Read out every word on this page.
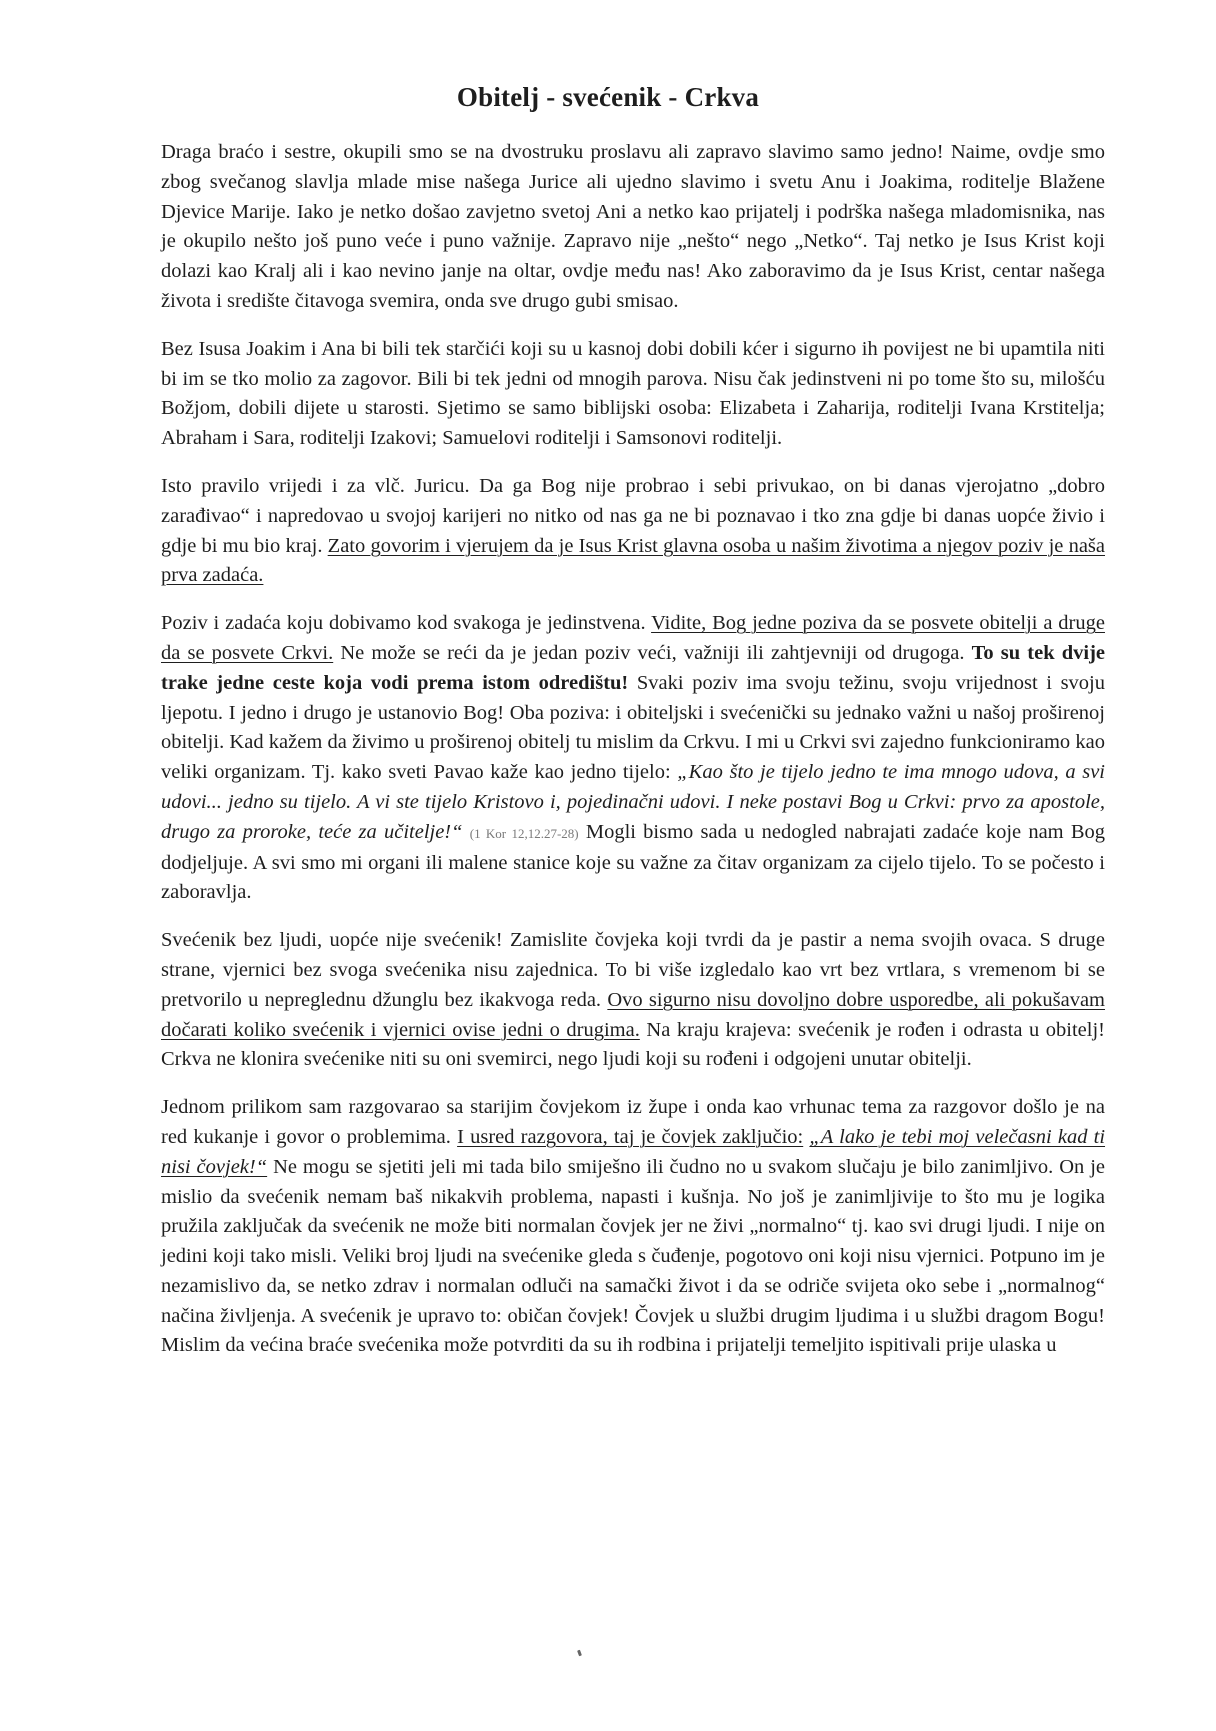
Obitelj - svećenik - Crkva

Draga braćo i sestre, okupili smo se na dvostruku proslavu ali zapravo slavimo samo jedno! Naime, ovdje smo zbog svečanog slavlja mlade mise našega Jurice ali ujedno slavimo i svetu Anu i Joakima, roditelje Blažene Djevice Marije. Iako je netko došao zavjetno svetoj Ani a netko kao prijatelj i podrška našega mladomisnika, nas je okupilo nešto još puno veće i puno važnije. Zapravo nije „nešto“ nego „Netko“. Taj netko je Isus Krist koji dolazi kao Kralj ali i kao nevino janje na oltar, ovdje među nas! Ako zaboravimo da je Isus Krist, centar našega života i središte čitavoga svemira, onda sve drugo gubi smisao.

Bez Isusa Joakim i Ana bi bili tek starčići koji su u kasnoj dobi dobili kćer i sigurno ih povijest ne bi upamtila niti bi im se tko molio za zagovor. Bili bi tek jedni od mnogih parova. Nisu čak jedinstveni ni po tome što su, milošću Božjom, dobili dijete u starosti. Sjetimo se samo biblijski osoba: Elizabeta i Zaharija, roditelji Ivana Krstitelja; Abraham i Sara, roditelji Izakovi; Samuelovi roditelji i Samsonovi roditelji.

Isto pravilo vrijedi i za vlč. Juricu. Da ga Bog nije probrao i sebi privukao, on bi danas vjerojatno „dobro zarađivao“ i napredovao u svojoj karijeri no nitko od nas ga ne bi poznavao i tko zna gdje bi danas uopće živio i gdje bi mu bio kraj. Zato govorim i vjerujem da je Isus Krist glavna osoba u našim životima a njegov poziv je naša prva zadaća.

Poziv i zadaća koju dobivamo kod svakoga je jedinstvena. Vidite, Bog jedne poziva da se posvete obitelji a druge da se posvete Crkvi. Ne može se reći da je jedan poziv veći, važniji ili zahtjevniji od drugoga. To su tek dvije trake jedne ceste koja vodi prema istom odredištu! Svaki poziv ima svoju težinu, svoju vrijednost i svoju ljepotu. I jedno i drugo je ustanovio Bog! Oba poziva: i obiteljski i svećenički su jednako važni u našoj proširenoj obitelji. Kad kažem da živimo u proširenoj obitelj tu mislim da Crkvu. I mi u Crkvi svi zajedno funkcioniramo kao veliki organizam. Tj. kako sveti Pavao kaže kao jedno tijelo: „Kao što je tijelo jedno te ima mnogo udova, a svi udovi... jedno su tijelo. A vi ste tijelo Kristovo i, pojedinačni udovi. I neke postavi Bog u Crkvi: prvo za apostole, drugo za proroke, teće za učitelje!“ (1 Kor 12,12.27-28) Mogli bismo sada u nedogled nabrajati zadaće koje nam Bog dodjeljuje. A svi smo mi organi ili malene stanice koje su važne za čitav organizam za cijelo tijelo. To se počesto i zaboravlja.

Svećenik bez ljudi, uopće nije svećenik! Zamislite čovjeka koji tvrdi da je pastir a nema svojih ovaca. S druge strane, vjernici bez svoga svećenika nisu zajednica. To bi više izgledalo kao vrt bez vrtlara, s vremenom bi se pretvorilo u nepreglednu džunglu bez ikakvoga reda. Ovo sigurno nisu dovoljno dobre usporedbe, ali pokušavam dočarati koliko svećenik i vjernici ovise jedni o drugima. Na kraju krajeva: svećenik je rođen i odrasta u obitelj! Crkva ne klonira svećenike niti su oni svemirci, nego ljudi koji su rođeni i odgojeni unutar obitelji.

Jednom prilikom sam razgovarao sa starijim čovjekom iz župe i onda kao vrhunac tema za razgovor došlo je na red kukanje i govor o problemima. I usred razgovora, taj je čovjek zaključio: „A lako je tebi moj velečasni kad ti nisi čovjek!“ Ne mogu se sjetiti jeli mi tada bilo smiješno ili čudno no u svakom slučaju je bilo zanimljivo. On je mislio da svećenik nemam baš nikakvih problema, napasti i kušnja. No još je zanimljivije to što mu je logika pružila zaključak da svećenik ne može biti normalan čovjek jer ne živi „normalno“ tj. kao svi drugi ljudi. I nije on jedini koji tako misli. Veliki broj ljudi na svećenike gleda s čuđenje, pogotovo oni koji nisu vjernici. Potpuno im je nezamislivo da, se netko zdrav i normalan odluči na samački život i da se odriče svijeta oko sebe i „normalnog“ načina življenja. A svećenik je upravo to: običan čovjek! Čovjek u službi drugim ljudima i u službi dragom Bogu! Mislim da većina braće svećenika može potvrditi da su ih rodbina i prijatelji temeljito ispitivali prije ulaska u
